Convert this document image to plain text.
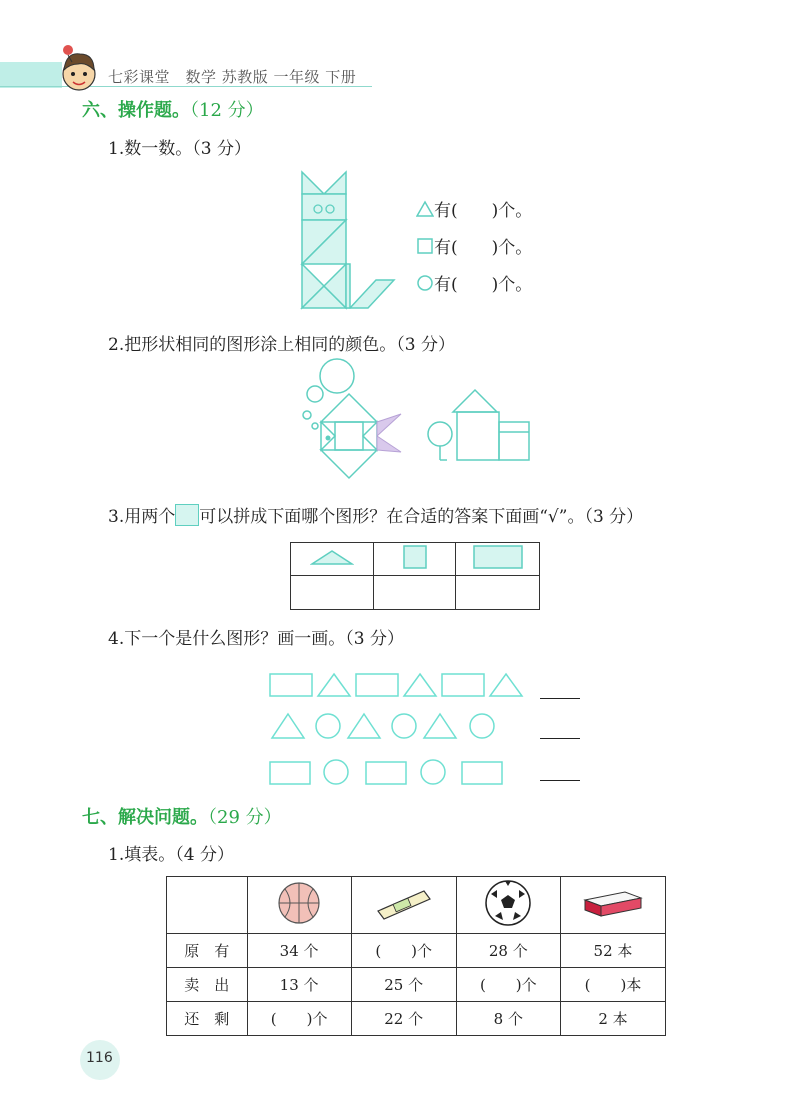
七彩课堂　数学 苏教版 一年级 下册
六、操作题。（12 分）
1.数一数。（3 分）
有(　　)个。
有(　　)个。
有(　　)个。
2.把形状相同的图形涂上相同的颜色。（3 分）
3.用两个 可以拼成下面哪个图形？在合适的答案下面画“√”。（3 分）

4.下一个是什么图形？画一画。（3 分）
七、解决问题。（29 分）
1.填表。（4 分）

原　有	34 个	(　　)个	28 个	52 本
卖　出	13 个	25 个	(　　)个	(　　)本
还　剩	(　　)个	22 个	8 个	2 本
116
